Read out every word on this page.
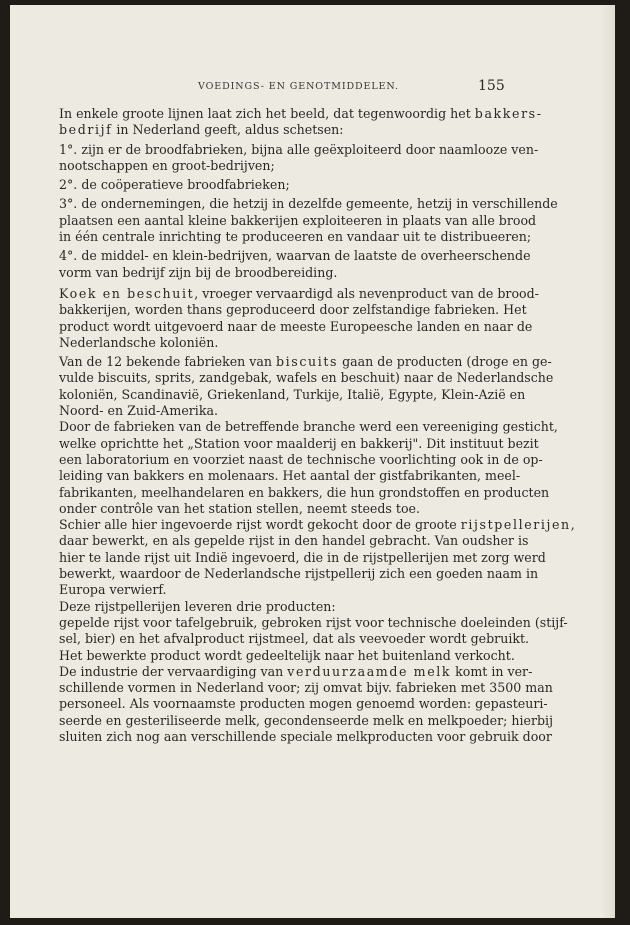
VOEDINGS- EN GENOTMIDDELEN.	155
In enkele groote lijnen laat zich het beeld, dat tegenwoordig het bakkers-
bedrijf in Nederland geeft, aldus schetsen:
1°. zijn er de broodfabrieken, bijna alle geëxploiteerd door naamlooze ven-
nootschappen en groot-bedrijven;
2°. de coöperatieve broodfabrieken;
3°. de ondernemingen, die hetzij in dezelfde gemeente, hetzij in verschillende
plaatsen een aantal kleine bakkerijen exploiteeren in plaats van alle brood
in één centrale inrichting te produceeren en vandaar uit te distribueeren;
4°. de middel- en klein-bedrijven, waarvan de laatste de overheerschende
vorm van bedrijf zijn bij de broodbereiding.
Koek en beschuit, vroeger vervaardigd als nevenproduct van de brood-
bakkerijen, worden thans geproduceerd door zelfstandige fabrieken. Het
product wordt uitgevoerd naar de meeste Europeesche landen en naar de
Nederlandsche koloniën.
Van de 12 bekende fabrieken van biscuits gaan de producten (droge en ge-
vulde biscuits, sprits, zandgebak, wafels en beschuit) naar de Nederlandsche
koloniën, Scandinavië, Griekenland, Turkije, Italië, Egypte, Klein-Azië en
Noord- en Zuid-Amerika.
Door de fabrieken van de betreffende branche werd een vereeniging gesticht,
welke oprichtte het „Station voor maalderij en bakkerij". Dit instituut bezit
een laboratorium en voorziet naast de technische voorlichting ook in de op-
leiding van bakkers en molenaars. Het aantal der gistfabrikanten, meel-
fabrikanten, meelhandelaren en bakkers, die hun grondstoffen en producten
onder contrôle van het station stellen, neemt steeds toe.
Schier alle hier ingevoerde rijst wordt gekocht door de groote rijstpellerijen,
daar bewerkt, en als gepelde rijst in den handel gebracht. Van oudsher is
hier te lande rijst uit Indië ingevoerd, die in de rijstpellerijen met zorg werd
bewerkt, waardoor de Nederlandsche rijstpellerij zich een goeden naam in
Europa verwierf.
Deze rijstpellerijen leveren drie producten:
gepelde rijst voor tafelgebruik, gebroken rijst voor technische doeleinden (stijf-
sel, bier) en het afvalproduct rijstmeel, dat als veevoeder wordt gebruikt.
Het bewerkte product wordt gedeeltelijk naar het buitenland verkocht.
De industrie der vervaardiging van verduurzaamde melk komt in ver-
schillende vormen in Nederland voor; zij omvat bijv. fabrieken met 3500 man
personeel. Als voornaamste producten mogen genoemd worden: gepasteuri-
seerde en gesteriliseerde melk, gecondenseerde melk en melkpoeder; hierbij
sluiten zich nog aan verschillende speciale melkproducten voor gebruik door
